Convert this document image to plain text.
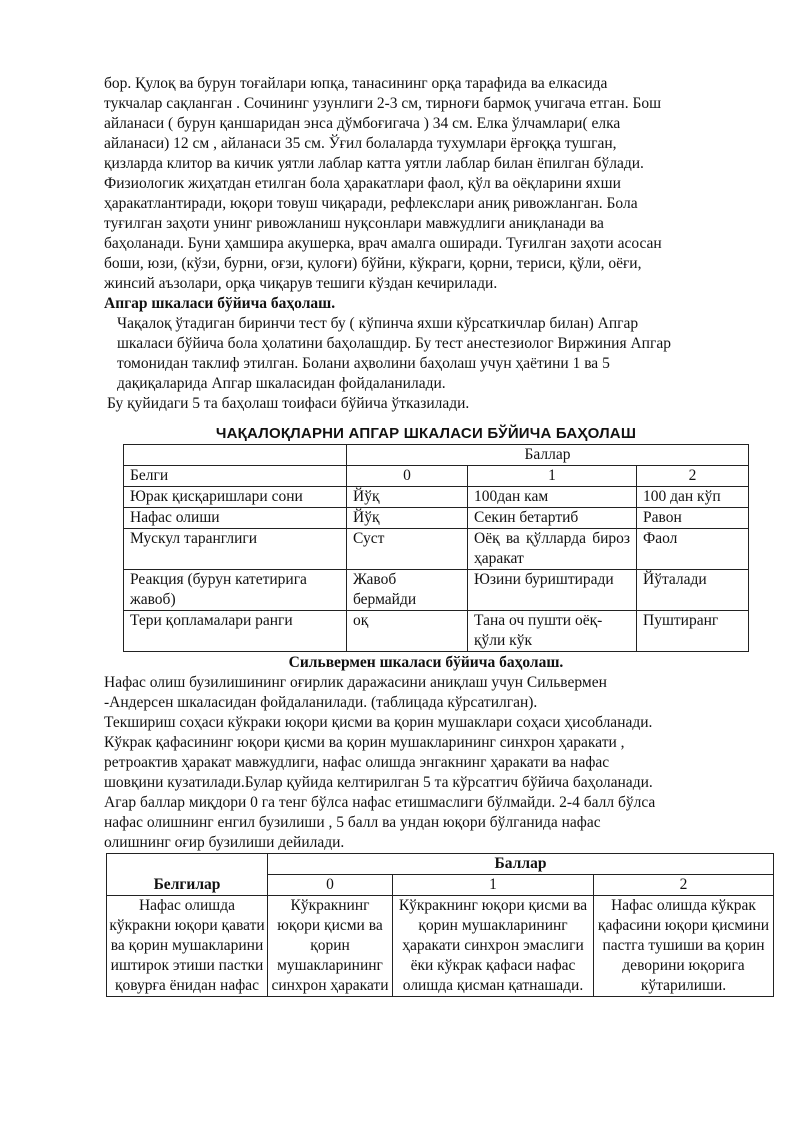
бор. Қулоқ ва бурун тоғайлари юпқа, танасининг орқа тарафида ва елкасида

тукчалар сақланган . Сочининг узунлиги 2-3 см, тирноғи бармоқ учигача етган. Бош

айланаси ( бурун қаншаридан энса дўмбоғигача ) 34 см. Елка ўлчамлари( елка

айланаси) 12 см , айланаси 35 см. Ўғил болаларда тухумлари ёрғоққа тушган,

қизларда клитор ва кичик уятли лаблар катта уятли лаблар билан ёпилган бўлади.

Физиологик жиҳатдан етилган бола ҳаракатлари фаол, қўл ва оёқларини яхши

ҳаракатлантиради, юқори товуш чиқаради, рефлекслари аниқ ривожланган. Бола

туғилган заҳоти унинг ривожланиш нуқсонлари мавжудлиги аниқланади ва

баҳоланади. Буни ҳамшира акушерка, врач амалга оширади. Туғилган заҳоти асосан

боши, юзи, (кўзи, бурни, оғзи, қулоғи) бўйни, кўкраги, қорни, териси, қўли, оёғи,

жинсий аъзолари, орқа чиқарув тешиги кўздан кечирилади.

Апгар шкаласи бўйича баҳолаш.

Чақалоқ ўтадиган биринчи тест бу ( кўпинча яхши кўрсаткичлар билан) Апгар

шкаласи бўйича бола ҳолатини баҳолашдир. Бу тест анестезиолог Виржиния Апгар

томонидан таклиф этилган. Болани аҳволини баҳолаш учун ҳаётини 1 ва 5

дақиқаларида Апгар шкаласидан фойдаланилади.

Бу қуйидаги 5 та баҳолаш тоифаси бўйича ўтказилади.

ЧАҚАЛОҚЛАРНИ АПГАР ШКАЛАСИ БЎЙИЧА БАҲОЛАШ

	Баллар		
Белги	0	1	2
Юрак қисқаришлари сони	Йўқ	100дан кам	100 дан кўп
Нафас олиши	Йўқ	Секин бетартиб	Равон
Мускул таранглиги	Суст	Оёқ ва қўлларда бироз ҳаракат	Фаол
Реакция (бурун катетирига жавоб)	Жавоб бермайди	Юзини буриштиради	Йўталади
Тери қопламалари ранги	оқ	Тана оч пушти оёқ-қўли кўк	Пуштиранг

Сильвермен шкаласи бўйича баҳолаш.

Нафас олиш бузилишининг оғирлик даражасини аниқлаш учун Сильвермен

-Андерсен шкаласидан фойдаланилади. (таблицада кўрсатилган).

Текшириш соҳаси кўкраки юқори қисми ва қорин мушаклари соҳаси ҳисобланади.

Кўкрак қафасининг юқори қисми ва қорин мушакларининг синхрон ҳаракати ,

ретроактив ҳаракат мавжудлиги, нафас олишда энгакнинг ҳаракати ва нафас

шовқини кузатилади.Булар қуйида келтирилган 5 та кўрсатгич бўйича баҳоланади.

Агар баллар миқдори 0 га тенг бўлса нафас етишмаслиги бўлмайди. 2-4 балл бўлса

нафас олишнинг енгил бузилиши , 5 балл ва ундан юқори бўлганида нафас

олишнинг оғир бузилиши дейилади.

Белгилар	Баллар		
	0	1	2
Нафас олишда кўкракни юқори қавати ва қорин мушакларини иштирок этиши пастки қовурға ёнидан нафас	Кўкракнинг юқори қисми ва қорин мушакларининг синхрон ҳаракати	Кўкракнинг юқори қисми ва қорин мушакларининг ҳаракати синхрон эмаслиги ёки кўкрак қафаси нафас олишда қисман қатнашади.	Нафас олишда кўкрак қафасини юқори қисмини пастга тушиши ва қорин деворини юқорига кўтарилиши.
